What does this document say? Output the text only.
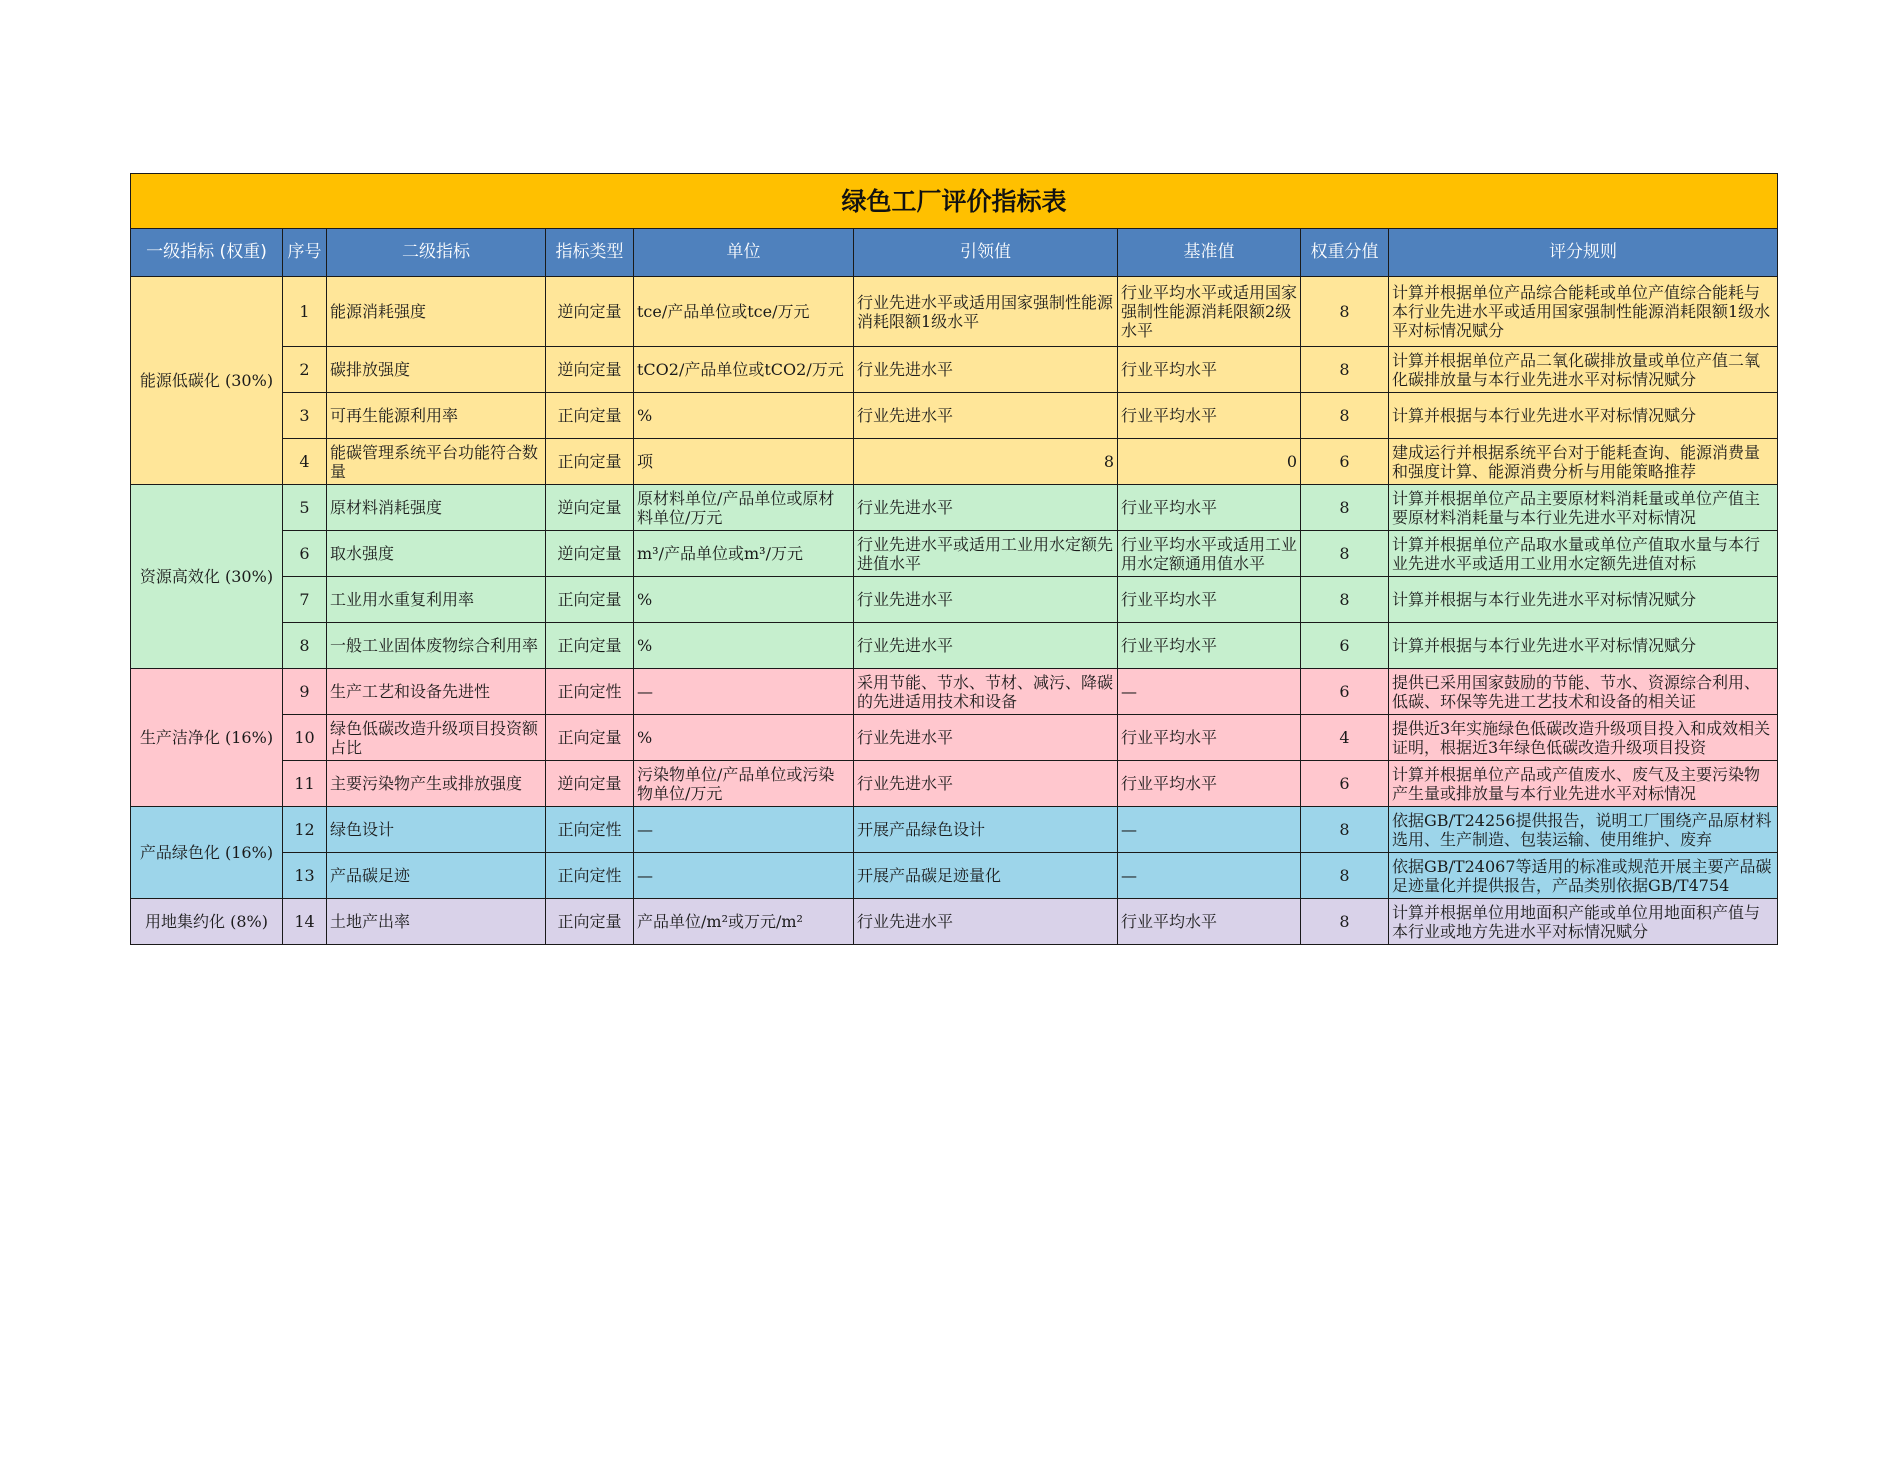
绿色工厂评价指标表								
一级指标 (权重)	序号	二级指标	指标类型	单位	引领值	基准值	权重分值	评分规则
能源低碳化 (30%)	1	能源消耗强度	逆向定量	tce/产品单位或tce/万元	行业先进水平或适用国家强制性能源消耗限额1级水平	行业平均水平或适用国家强制性能源消耗限额2级水平	8	计算并根据单位产品综合能耗或单位产值综合能耗与本行业先进水平或适用国家强制性能源消耗限额1级水平对标情况赋分
	2	碳排放强度	逆向定量	tCO2/产品单位或tCO2/万元	行业先进水平	行业平均水平	8	计算并根据单位产品二氧化碳排放量或单位产值二氧化碳排放量与本行业先进水平对标情况赋分
	3	可再生能源利用率	正向定量	%	行业先进水平	行业平均水平	8	计算并根据与本行业先进水平对标情况赋分
	4	能碳管理系统平台功能符合数量	正向定量	项	8	0	6	建成运行并根据系统平台对于能耗查询、能源消费量和强度计算、能源消费分析与用能策略推荐
资源高效化 (30%)	5	原材料消耗强度	逆向定量	原材料单位/产品单位或原材料单位/万元	行业先进水平	行业平均水平	8	计算并根据单位产品主要原材料消耗量或单位产值主要原材料消耗量与本行业先进水平对标情况
	6	取水强度	逆向定量	m³/产品单位或m³/万元	行业先进水平或适用工业用水定额先进值水平	行业平均水平或适用工业用水定额通用值水平	8	计算并根据单位产品取水量或单位产值取水量与本行业先进水平或适用工业用水定额先进值对标
	7	工业用水重复利用率	正向定量	%	行业先进水平	行业平均水平	8	计算并根据与本行业先进水平对标情况赋分
	8	一般工业固体废物综合利用率	正向定量	%	行业先进水平	行业平均水平	6	计算并根据与本行业先进水平对标情况赋分
生产洁净化 (16%)	9	生产工艺和设备先进性	正向定性	—	采用节能、节水、节材、减污、降碳的先进适用技术和设备	—	6	提供已采用国家鼓励的节能、节水、资源综合利用、低碳、环保等先进工艺技术和设备的相关证
	10	绿色低碳改造升级项目投资额占比	正向定量	%	行业先进水平	行业平均水平	4	提供近3年实施绿色低碳改造升级项目投入和成效相关证明，根据近3年绿色低碳改造升级项目投资
	11	主要污染物产生或排放强度	逆向定量	污染物单位/产品单位或污染物单位/万元	行业先进水平	行业平均水平	6	计算并根据单位产品或产值废水、废气及主要污染物产生量或排放量与本行业先进水平对标情况
产品绿色化 (16%)	12	绿色设计	正向定性	—	开展产品绿色设计	—	8	依据GB/T24256提供报告，说明工厂围绕产品原材料选用、生产制造、包装运输、使用维护、废弃
	13	产品碳足迹	正向定性	—	开展产品碳足迹量化	—	8	依据GB/T24067等适用的标准或规范开展主要产品碳足迹量化并提供报告，产品类别依据GB/T4754
用地集约化 (8%)	14	土地产出率	正向定量	产品单位/m²或万元/m²	行业先进水平	行业平均水平	8	计算并根据单位用地面积产能或单位用地面积产值与本行业或地方先进水平对标情况赋分
